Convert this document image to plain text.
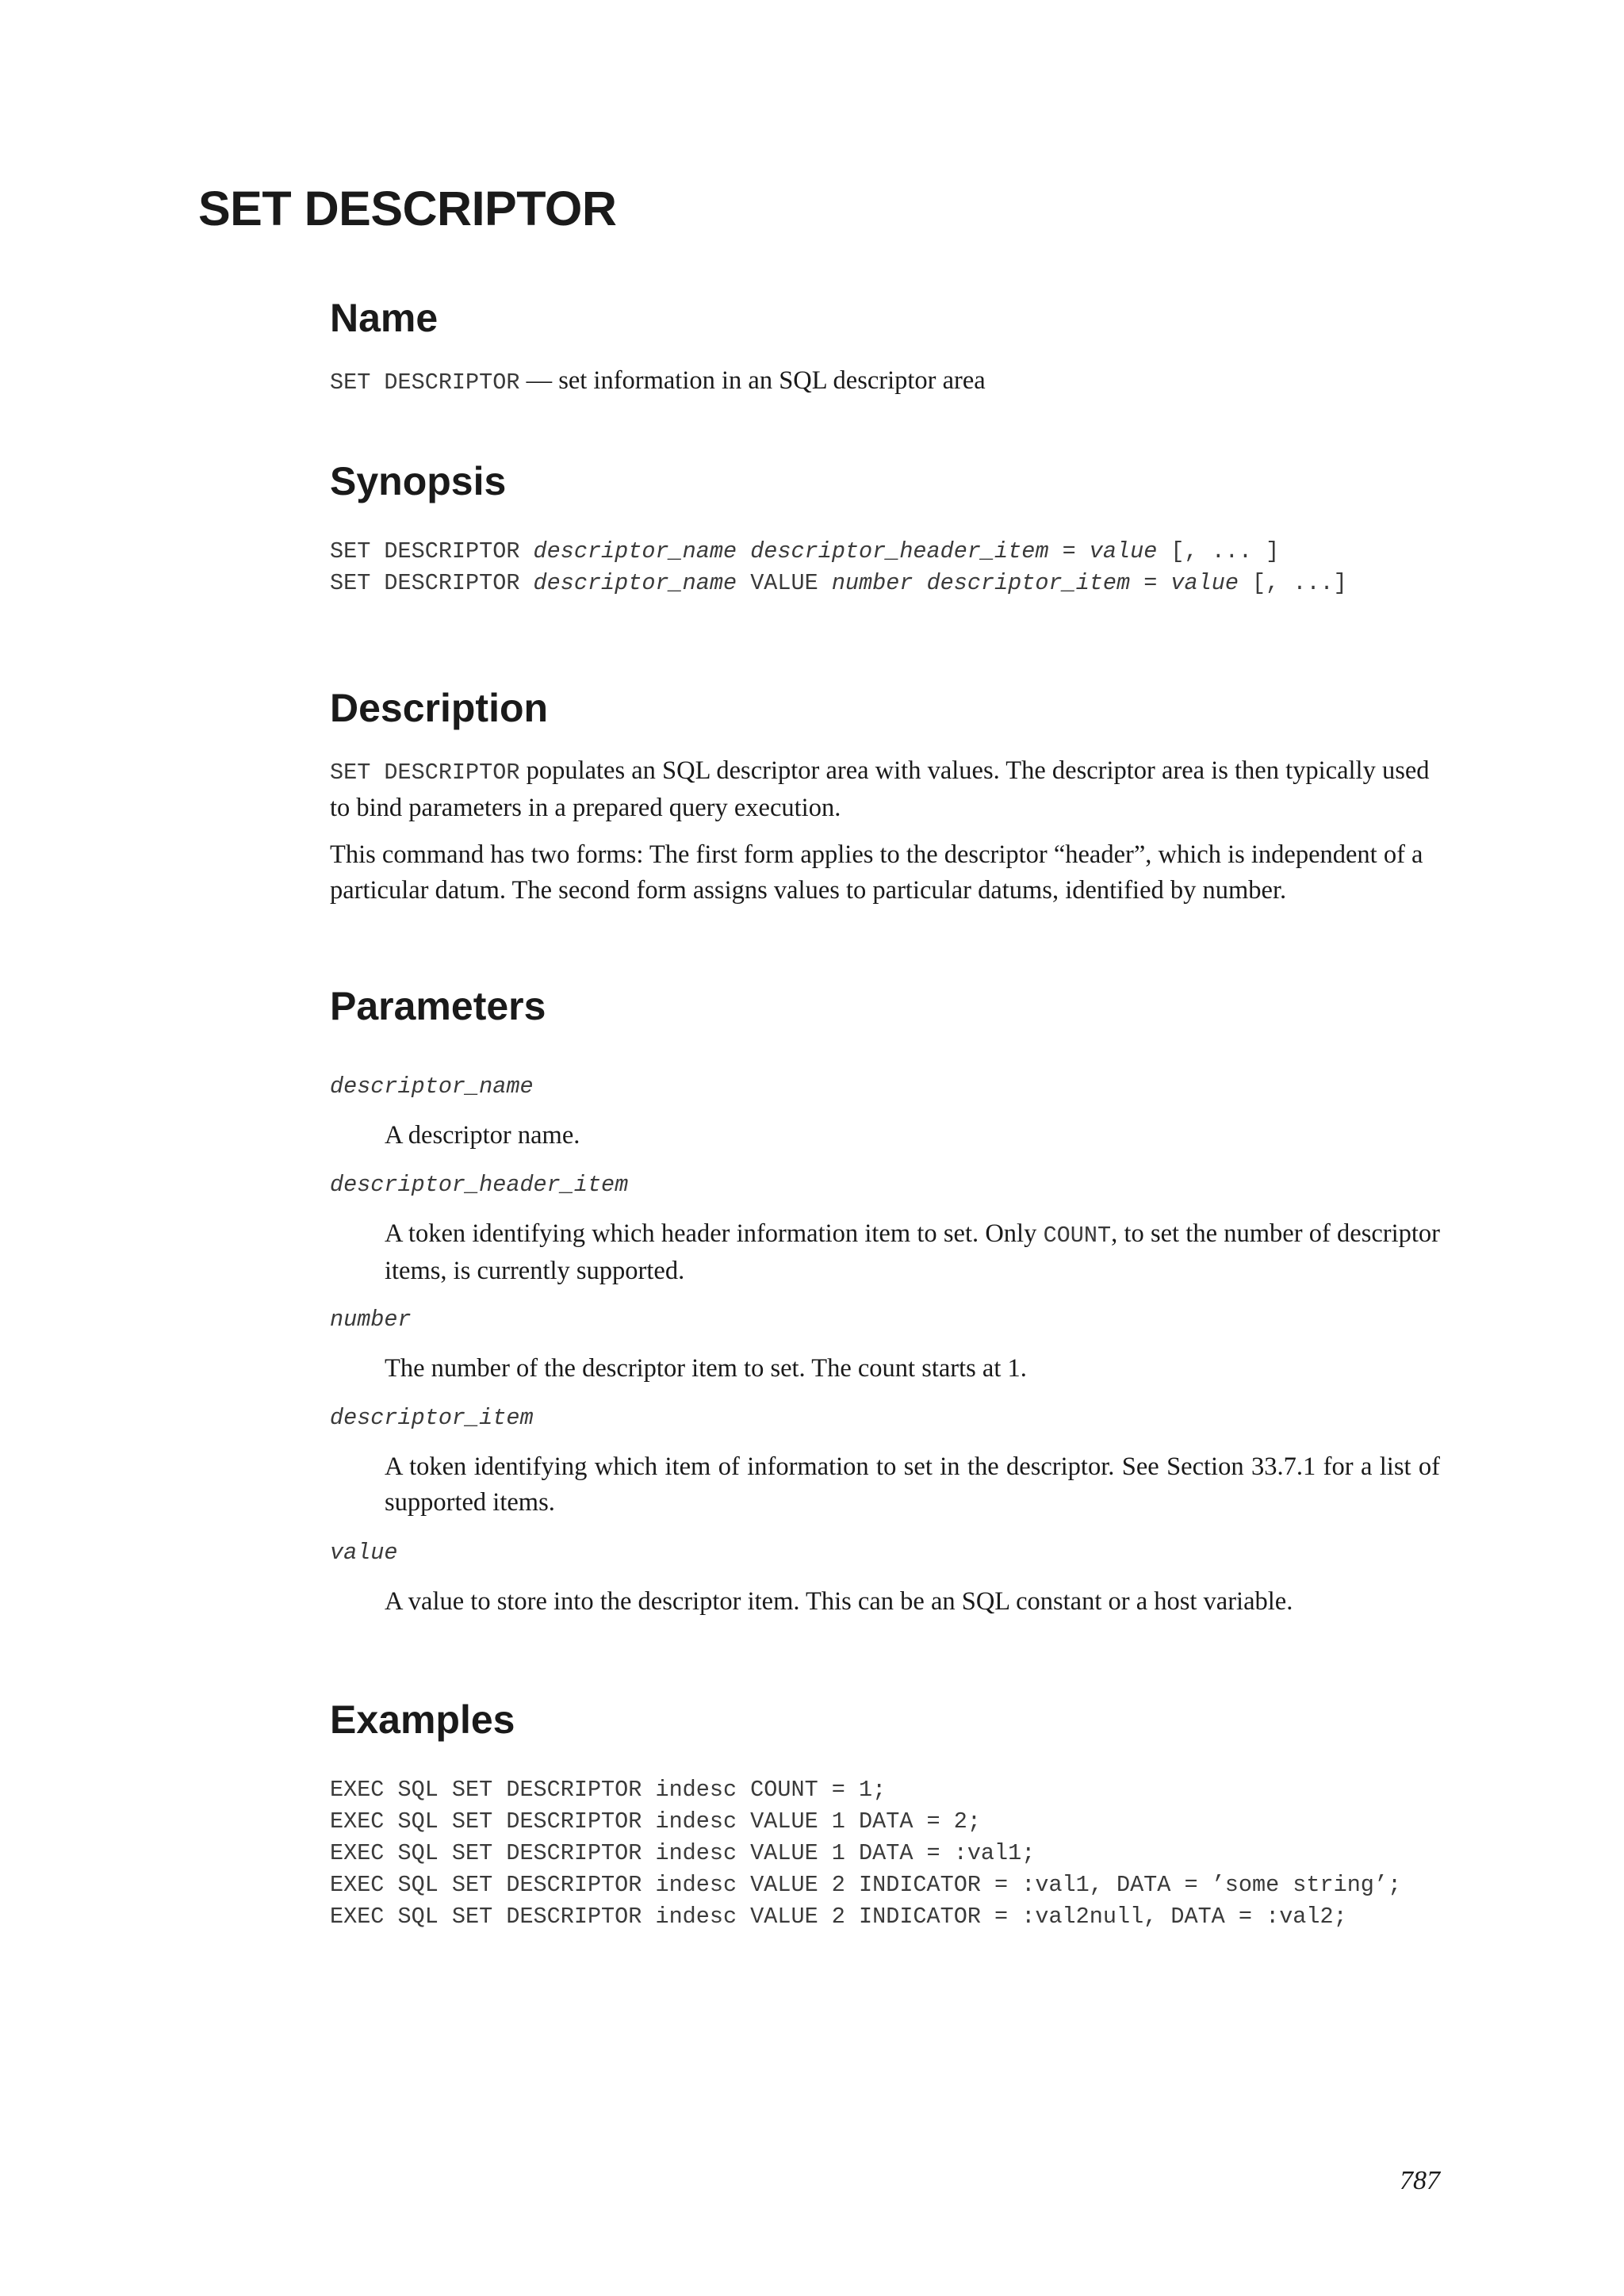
SET DESCRIPTOR
Name

SET DESCRIPTOR — set information in an SQL descriptor area

Synopsis
SET DESCRIPTOR descriptor_name descriptor_header_item = value [, ... ]
SET DESCRIPTOR descriptor_name VALUE number descriptor_item = value [, ...]
Description

SET DESCRIPTOR populates an SQL descriptor area with values. The descriptor area is then typically used to bind parameters in a prepared query execution.

This command has two forms: The first form applies to the descriptor “header”, which is independent of a particular datum. The second form assigns values to particular datums, identified by number.

Parameters
descriptor_name

A descriptor name.

descriptor_header_item

A token identifying which header information item to set. Only COUNT, to set the number of descriptor items, is currently supported.

number

The number of the descriptor item to set. The count starts at 1.

descriptor_item

A token identifying which item of information to set in the descriptor. See Section 33.7.1 for a list of supported items.

value

A value to store into the descriptor item. This can be an SQL constant or a host variable.

Examples
EXEC SQL SET DESCRIPTOR indesc COUNT = 1;
EXEC SQL SET DESCRIPTOR indesc VALUE 1 DATA = 2;
EXEC SQL SET DESCRIPTOR indesc VALUE 1 DATA = :val1;
EXEC SQL SET DESCRIPTOR indesc VALUE 2 INDICATOR = :val1, DATA = ’some string’;
EXEC SQL SET DESCRIPTOR indesc VALUE 2 INDICATOR = :val2null, DATA = :val2;
787
